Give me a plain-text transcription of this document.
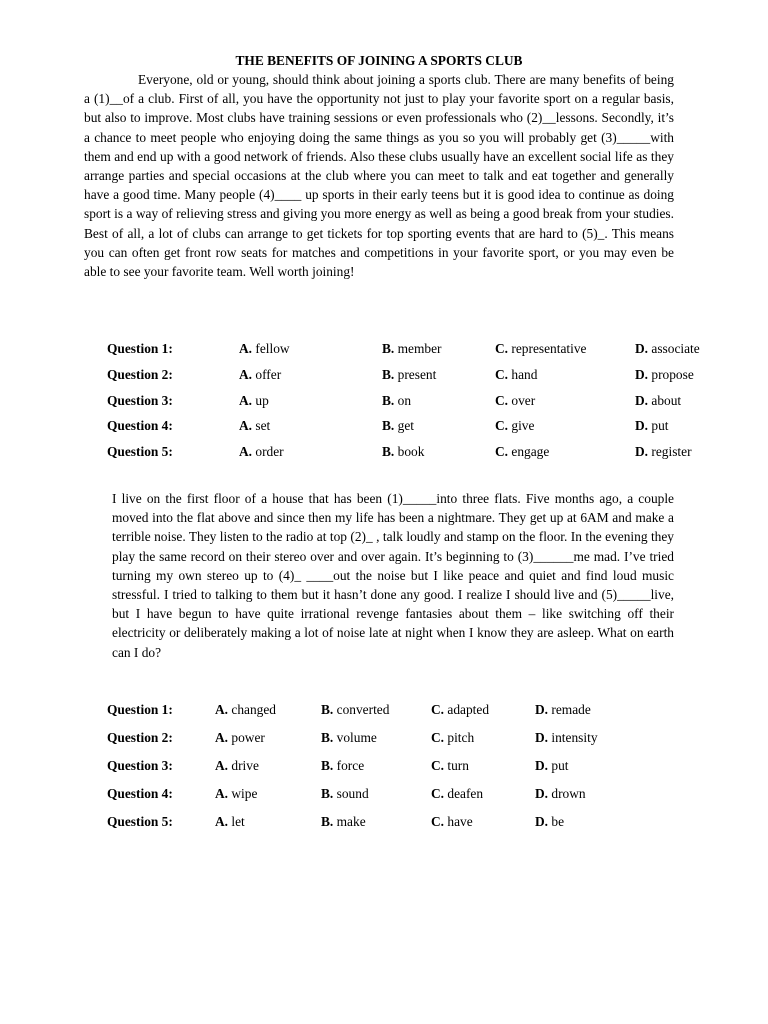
THE BENEFITS OF JOINING A SPORTS CLUB

Everyone, old or young, should think about joining a sports club. There are many benefits of being a (1)__of a club. First of all, you have the opportunity not just to play your favorite sport on a regular basis, but also to improve. Most clubs have training sessions or even professionals who (2)__lessons. Secondly, it’s a chance to meet people who enjoying doing the same things as you so you will probably get (3)_____with them and end up with a good network of friends. Also these clubs usually have an excellent social life as they arrange parties and special occasions at the club where you can meet to talk and eat together and generally have a good time. Many people (4)____ up sports in their early teens but it is good idea to continue as doing sport is a way of relieving stress and giving you more energy as well as being a good break from your studies. Best of all, a lot of clubs can arrange to get tickets for top sporting events that are hard to (5)_. This means you can often get front row seats for matches and competitions in your favorite sport, or you may even be able to see your favorite team. Well worth joining!

Question 1:	A. fellow	B. member	C. representative	D. associate
Question 2:	A. offer	B. present	C. hand	D. propose
Question 3:	A. up	B. on	C. over	D. about
Question 4:	A. set	B. get	C. give	D. put
Question 5:	A. order	B. book	C. engage	D. register

I live on the first floor of a house that has been (1)_____into three flats. Five months ago, a couple moved into the flat above and since then my life has been a nightmare. They get up at 6AM and make a terrible noise. They listen to the radio at top (2)_ , talk loudly and stamp on the floor. In the evening they play the same record on their stereo over and over again. It’s beginning to (3)______me mad. I’ve tried turning my own stereo up to (4)_ ____out the noise but I like peace and quiet and find loud music stressful. I tried to talking to them but it hasn’t done any good. I realize I should live and (5)_____live, but I have begun to have quite irrational revenge fantasies about them – like switching off their electricity or deliberately making a lot of noise late at night when I know they are asleep. What on earth can I do?

Question 1:	A. changed	B. converted	C. adapted	D. remade
Question 2:	A. power	B. volume	C. pitch	D. intensity
Question 3:	A. drive	B. force	C. turn	D. put
Question 4:	A. wipe	B. sound	C. deafen	D. drown
Question 5:	A. let	B. make	C. have	D. be
